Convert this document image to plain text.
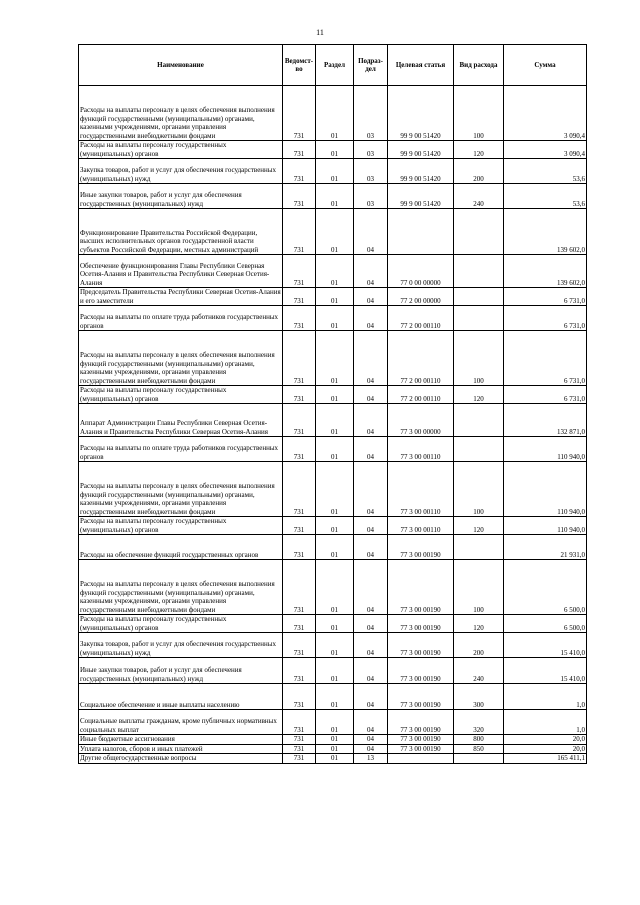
11
Наименование	Ведомст-во	Раздел	Подраз-дел	Целевая статья	Вид расхода	Сумма
Расходы на выплаты персоналу в целях обеспечения выполнения функций государственными (муниципальными) органами, казенными учреждениями, органами управления государственными внебюджетными фондами	731	01	03	99 9 00 51420	100	3 090,4
Расходы на выплаты персоналу государственных (муниципальных) органов	731	01	03	99 9 00 51420	120	3 090,4
Закупка товаров, работ и услуг для обеспечения государственных (муниципальных) нужд	731	01	03	99 9 00 51420	200	53,6
Иные закупки товаров, работ и услуг для обеспечения государственных (муниципальных) нужд	731	01	03	99 9 00 51420	240	53,6
Функционирование Правительства Российской Федерации, высших исполнительных органов государственной власти субъектов Российской Федерации, местных администраций	731	01	04			139 602,0
Обеспечение функционирования Главы Республики Северная Осетия-Алания и Правительства Республики Северная Осетия-Алания	731	01	04	77 0 00 00000		139 602,0
Председатель Правительства Республики Северная Осетия-Алания и его заместители	731	01	04	77 2 00 00000		6 731,0
Расходы на выплаты по оплате труда работников государственных органов	731	01	04	77 2 00 00110		6 731,0
Расходы на выплаты персоналу в целях обеспечения выполнения функций государственными (муниципальными) органами, казенными учреждениями, органами управления государственными внебюджетными фондами	731	01	04	77 2 00 00110	100	6 731,0
Расходы на выплаты персоналу государственных (муниципальных) органов	731	01	04	77 2 00 00110	120	6 731,0
Аппарат Администрации Главы Республики Северная Осетия-Алания и Правительства Республики Северная Осетия-Алания	731	01	04	77 3 00 00000		132 871,0
Расходы на выплаты по оплате труда работников государственных органов	731	01	04	77 3 00 00110		110 940,0
Расходы на выплаты персоналу в целях обеспечения выполнения функций государственными (муниципальными) органами, казенными учреждениями, органами управления государственными внебюджетными фондами	731	01	04	77 3 00 00110	100	110 940,0
Расходы на выплаты персоналу государственных (муниципальных) органов	731	01	04	77 3 00 00110	120	110 940,0
Расходы на обеспечение функций государственных органов	731	01	04	77 3 00 00190		21 931,0
Расходы на выплаты персоналу в целях обеспечения выполнения функций государственными (муниципальными) органами, казенными учреждениями, органами управления государственными внебюджетными фондами	731	01	04	77 3 00 00190	100	6 500,0
Расходы на выплаты персоналу государственных (муниципальных) органов	731	01	04	77 3 00 00190	120	6 500,0
Закупка товаров, работ и услуг для обеспечения государственных (муниципальных) нужд	731	01	04	77 3 00 00190	200	15 410,0
Иные закупки товаров, работ и услуг для обеспечения государственных (муниципальных) нужд	731	01	04	77 3 00 00190	240	15 410,0
Социальное обеспечение и иные выплаты населению	731	01	04	77 3 00 00190	300	1,0
Социальные выплаты гражданам, кроме публичных нормативных социальных выплат	731	01	04	77 3 00 00190	320	1,0
Иные бюджетные ассигнования	731	01	04	77 3 00 00190	800	20,0
Уплата налогов, сборов и иных платежей	731	01	04	77 3 00 00190	850	20,0
Другие общегосударственные вопросы	731	01	13			165 411,1
